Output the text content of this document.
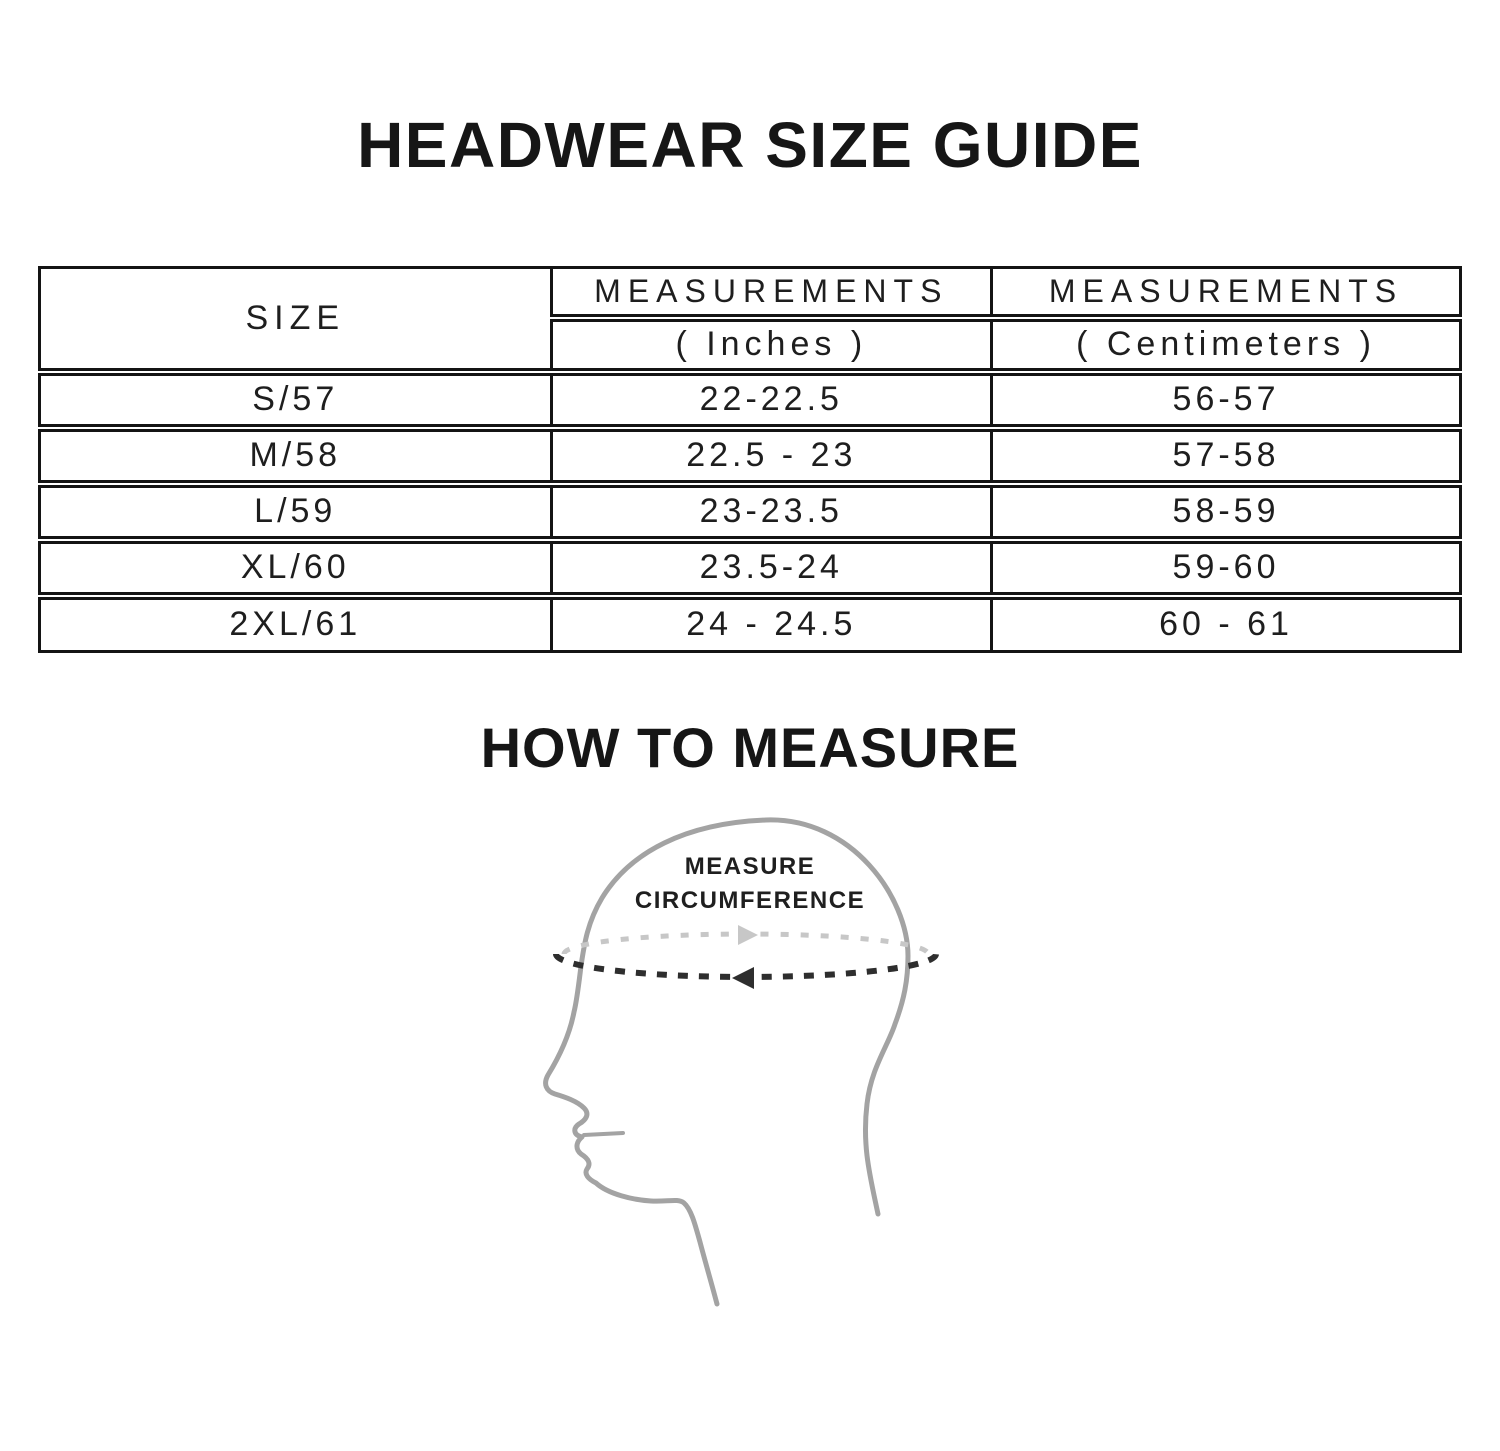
HEADWEAR SIZE GUIDE
SIZE	MEASUREMENTS	MEASUREMENTS
	( Inches )	( Centimeters )
S/57	22-22.5	56-57
M/58	22.5 - 23	57-58
L/59	23-23.5	58-59
XL/60	23.5-24	59-60
2XL/61	24 - 24.5	60 - 61
HOW TO MEASURE
MEASURE
CIRCUMFERENCE
